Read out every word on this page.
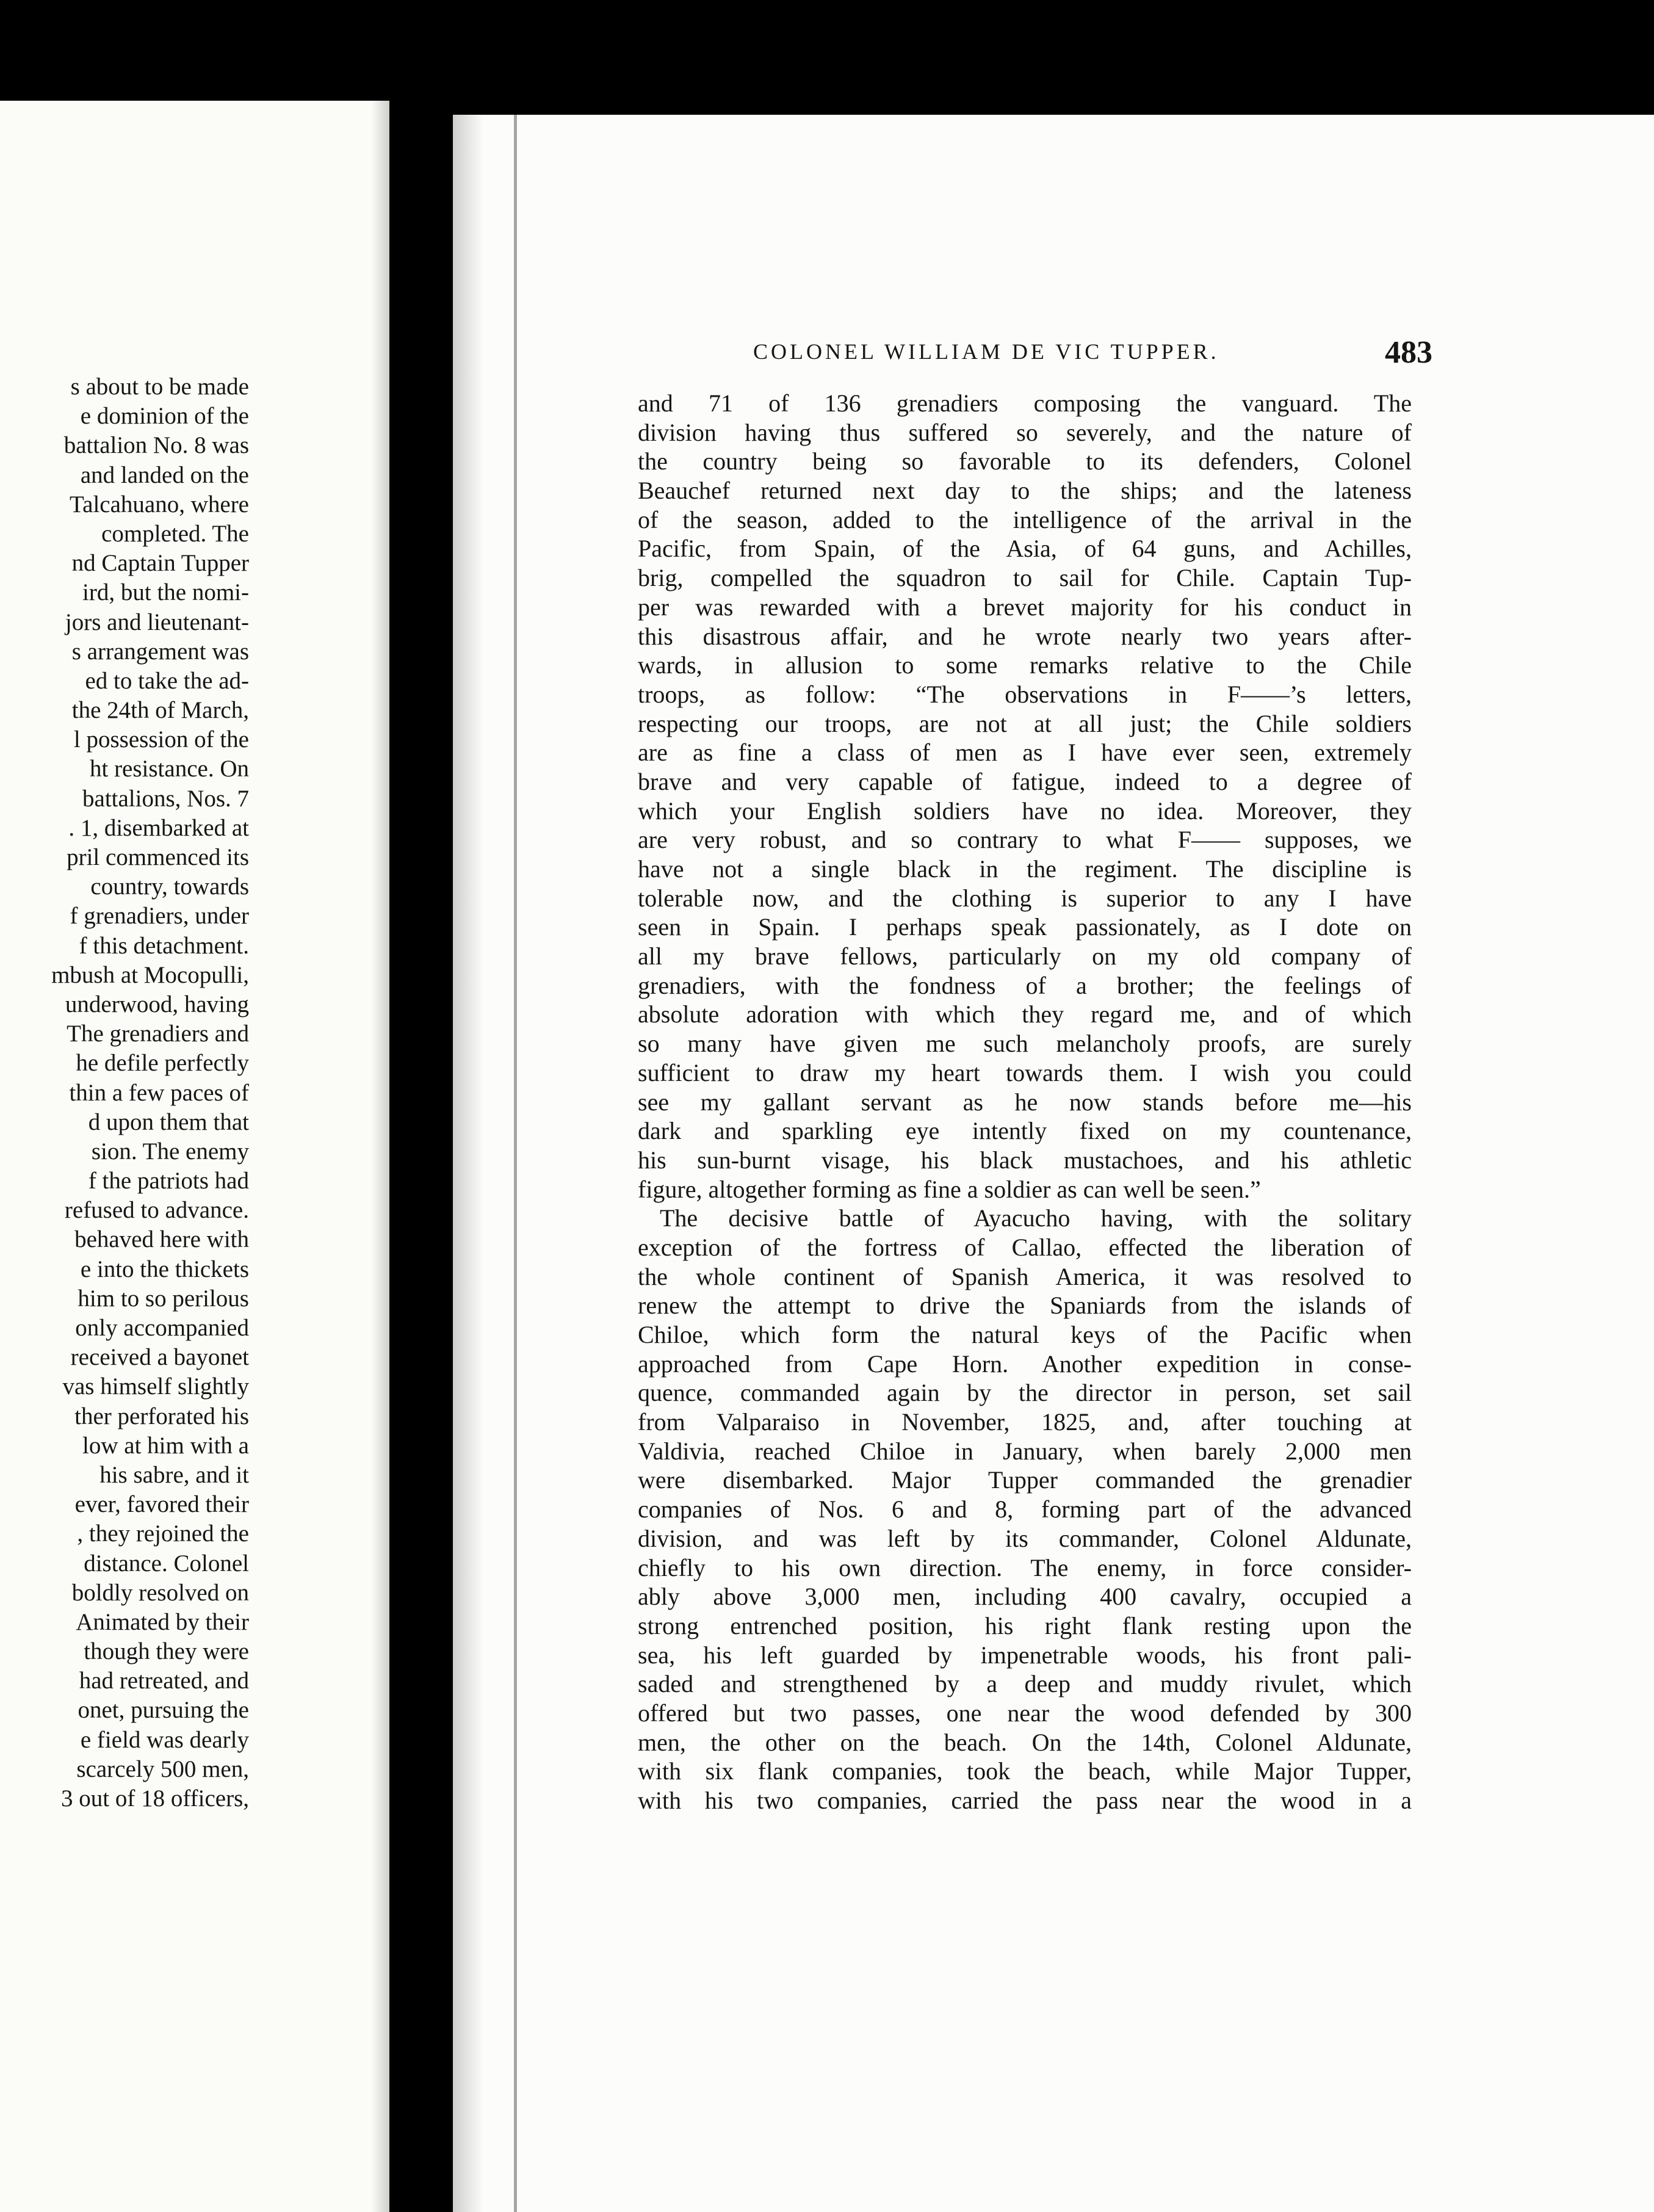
s about to be made
e dominion of the
battalion No. 8 was
and landed on the
Talcahuano, where
completed. The
nd Captain Tupper
ird, but the nomi-
jors and lieutenant-
s arrangement was
ed to take the ad-
the 24th of March,
l possession of the
ht resistance. On
battalions, Nos. 7
. 1, disembarked at
pril commenced its
country, towards
f grenadiers, under
f this detachment.
mbush at Mocopulli,
underwood, having
The grenadiers and
he defile perfectly
thin a few paces of
d upon them that
sion. The enemy
f the patriots had
refused to advance.
behaved here with
e into the thickets
him to so perilous
only accompanied
received a bayonet
vas himself slightly
ther perforated his
low at him with a
his sabre, and it
ever, favored their
, they rejoined the
distance. Colonel
boldly resolved on
Animated by their
though they were
had retreated, and
onet, pursuing the
e field was dearly
scarcely 500 men,
3 out of 18 officers,
COLONEL WILLIAM DE VIC TUPPER.	483
and 71 of 136 grenadiers composing the vanguard. The
division having thus suffered so severely, and the nature of
the country being so favorable to its defenders, Colonel
Beauchef returned next day to the ships; and the lateness
of the season, added to the intelligence of the arrival in the
Pacific, from Spain, of the Asia, of 64 guns, and Achilles,
brig, compelled the squadron to sail for Chile. Captain Tup-
per was rewarded with a brevet majority for his conduct in
this disastrous affair, and he wrote nearly two years after-
wards, in allusion to some remarks relative to the Chile
troops, as follow: “The observations in F——’s letters,
respecting our troops, are not at all just; the Chile soldiers
are as fine a class of men as I have ever seen, extremely
brave and very capable of fatigue, indeed to a degree of
which your English soldiers have no idea. Moreover, they
are very robust, and so contrary to what F—— supposes, we
have not a single black in the regiment. The discipline is
tolerable now, and the clothing is superior to any I have
seen in Spain. I perhaps speak passionately, as I dote on
all my brave fellows, particularly on my old company of
grenadiers, with the fondness of a brother; the feelings of
absolute adoration with which they regard me, and of which
so many have given me such melancholy proofs, are surely
sufficient to draw my heart towards them. I wish you could
see my gallant servant as he now stands before me—his
dark and sparkling eye intently fixed on my countenance,
his sun-burnt visage, his black mustachoes, and his athletic
figure, altogether forming as fine a soldier as can well be seen.”
The decisive battle of Ayacucho having, with the solitary
exception of the fortress of Callao, effected the liberation of
the whole continent of Spanish America, it was resolved to
renew the attempt to drive the Spaniards from the islands of
Chiloe, which form the natural keys of the Pacific when
approached from Cape Horn. Another expedition in conse-
quence, commanded again by the director in person, set sail
from Valparaiso in November, 1825, and, after touching at
Valdivia, reached Chiloe in January, when barely 2,000 men
were disembarked. Major Tupper commanded the grenadier
companies of Nos. 6 and 8, forming part of the advanced
division, and was left by its commander, Colonel Aldunate,
chiefly to his own direction. The enemy, in force consider-
ably above 3,000 men, including 400 cavalry, occupied a
strong entrenched position, his right flank resting upon the
sea, his left guarded by impenetrable woods, his front pali-
saded and strengthened by a deep and muddy rivulet, which
offered but two passes, one near the wood defended by 300
men, the other on the beach. On the 14th, Colonel Aldunate,
with six flank companies, took the beach, while Major Tupper,
with his two companies, carried the pass near the wood in a
